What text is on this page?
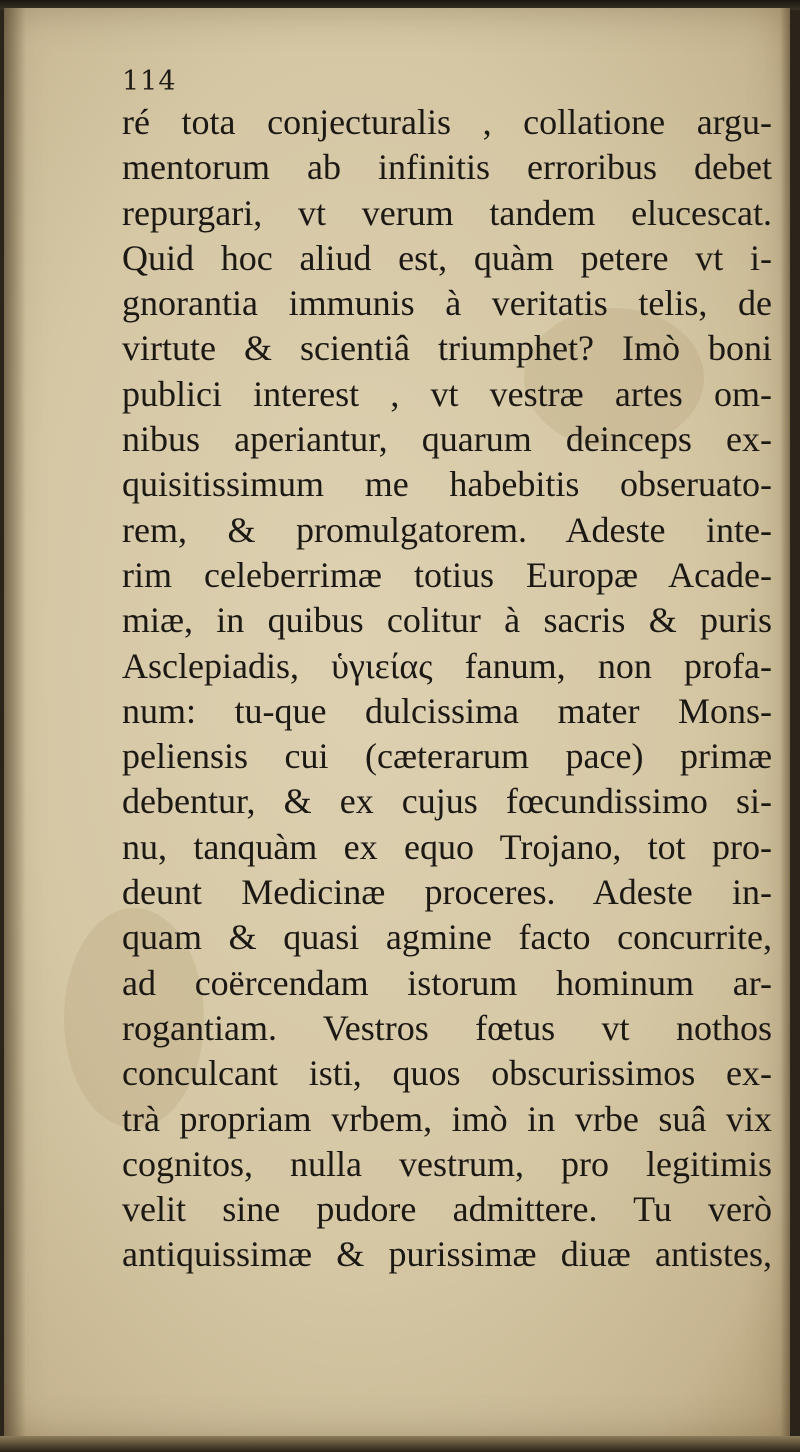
114
ré tota conjecturalis , collatione argu-
mentorum ab infinitis erroribus debet
repurgari, vt verum tandem elucescat.
Quid hoc aliud est, quàm petere vt i-
gnorantia immunis à veritatis telis, de
virtute & scientiâ triumphet? Imò boni
publici interest , vt vestræ artes om-
nibus aperiantur, quarum deinceps ex-
quisitissimum me habebitis obseruato-
rem, & promulgatorem. Adeste inte-
rim celeberrimæ totius Europæ Acade-
miæ, in quibus colitur à sacris & puris
Asclepiadis, ὑγιείας fanum, non profa-
num: tu-que dulcissima mater Mons-
peliensis cui (cæterarum pace) primæ
debentur, & ex cujus fœcundissimo si-
nu, tanquàm ex equo Trojano, tot pro-
deunt Medicinæ proceres. Adeste in-
quam & quasi agmine facto concurrite,
ad coërcendam istorum hominum ar-
rogantiam. Vestros fœtus vt nothos
conculcant isti, quos obscurissimos ex-
trà propriam vrbem, imò in vrbe suâ vix
cognitos, nulla vestrum, pro legitimis
velit sine pudore admittere. Tu verò
antiquissimæ & purissimæ diuæ antistes,
